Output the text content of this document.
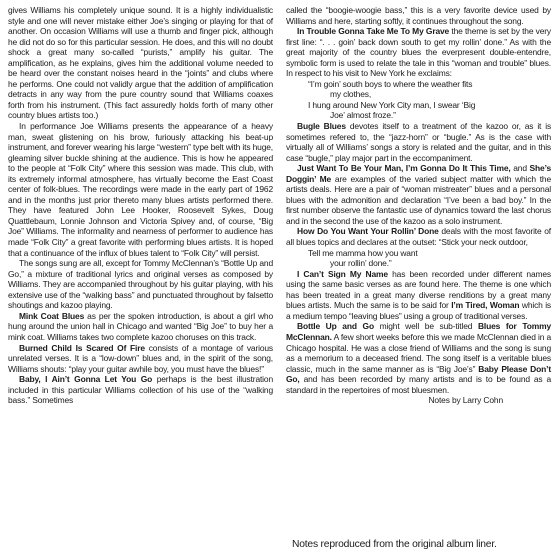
gives Williams his completely unique sound. It is a highly individualistic style and one will never mistake either Joe’s singing or playing for that of another. On occasion Williams will use a thumb and finger pick, although he did not do so for this particular session. He does, and this will no doubt shock a great many so-called “purists,” amplify his guitar. The amplification, as he explains, gives him the additional volume needed to be heard over the constant noises heard in the “joints” and clubs where he performs. One could not validly argue that the addition of amplification detracts in any way from the pure country sound that Williams coaxes forth from his instrument. (This fact assuredly holds forth of many other country blues artists too.)

In performance Joe Williams presents the appearance of a heavy man, sweat glistening on his brow, furiously attacking his beat-up instrument, and forever wearing his large “western” type belt with its huge, gleaming silver buckle shining at the audience. This is how he appeared to the people at “Folk City” where this session was made. This club, with its extremely informal atmosphere, has virtually become the East Coast center of folk-blues. The recordings were made in the early part of 1962 and in the months just prior thereto many blues artists performed there. They have featured John Lee Hooker, Roosevelt Sykes, Doug Quattlebaum, Lonnie Johnson and Victoria Spivey and, of course, “Big Joe” Williams. The informality and nearness of performer to audience has made “Folk City” a great favorite with performing blues artists. It is hoped that a continuance of the influx of blues talent to “Folk City” will persist.

The songs sung are all, except for Tommy McClennan’s “Bottle Up and Go,” a mixture of traditional lyrics and original verses as composed by Williams. They are accompanied throughout by his guitar playing, with his extensive use of the “walking bass” and punctuated throughout by falsetto shoutings and kazoo playing.

Mink Coat Blues as per the spoken introduction, is about a girl who hung around the union hall in Chicago and wanted “Big Joe” to buy her a mink coat. Williams takes two complete kazoo choruses on this track.

Burned Child Is Scared Of Fire consists of a montage of various unrelated verses. It is a “low-down” blues and, in the spirit of the song, Williams shouts: “play your guitar awhile boy, you must have the blues!”

Baby, I Ain’t Gonna Let You Go perhaps is the best illustration included in this particular Williams collection of his use of the “walking bass.” Sometimes

called the “boogie-woogie bass,” this is a very favorite device used by Williams and here, starting softly, it continues throughout the song.

In Trouble Gonna Take Me To My Grave the theme is set by the very first line: “. . . goin’ back down south to get my rollin’ done.” As with the great majority of the country blues the everpresent double-entendre, symbolic form is used to relate the tale in this “woman and trouble” blues. In respect to his visit to New York he exclaims:

“I’m goin’ south boys to where the weather fits
my clothes,
I hung around New York City man, I swear ‘Big
Joe’ almost froze.”

Bugle Blues devotes itself to a treatment of the kazoo or, as it is sometimes refered to, the “jazz-horn” or “bugle.” As is the case with virtually all of Williams’ songs a story is related and the guitar, and in this case “bugle,” play major part in the eccompaniment.

Just Want To Be Your Man, I’m Gonna Do It This Time, and She’s Doggin’ Me are examples of the varied subject matter with which the artists deals. Here are a pair of “woman mistreater” blues and a personal blues with the admonition and declaration “I’ve been a bad boy.” In the first number observe the fantastic use of dynamics toward the last chorus and in the second the use of the kazoo as a solo instrument.

How Do You Want Your Rollin’ Done deals with the most favorite of all blues topics and declares at the outset: “Stick your neck outdoor,

Tell me mamma how you want
your rollin’ done.”

I Can’t Sign My Name has been recorded under different names using the same basic verses as are found here. The theme is one which has been treated in a great many diverse renditions by a great many blues artists. Much the same is to be said for I’m Tired, Woman which is a medium tempo “leaving blues” using a group of traditional verses.

Bottle Up and Go might well be sub-titled Blues for Tommy McClennan. A few short weeks before this we made McClennan died in a Chicago hospital. He was a close friend of Williams and the song is sung as a memorium to a deceased friend. The song itself is a veritable blues classic, much in the same manner as is “Big Joe’s” Baby Please Don’t Go, and has been recorded by many artists and is to be found as a standard in the repertoires of most bluesmen.

Notes by Larry Cohn
Notes reproduced from the original album liner.
